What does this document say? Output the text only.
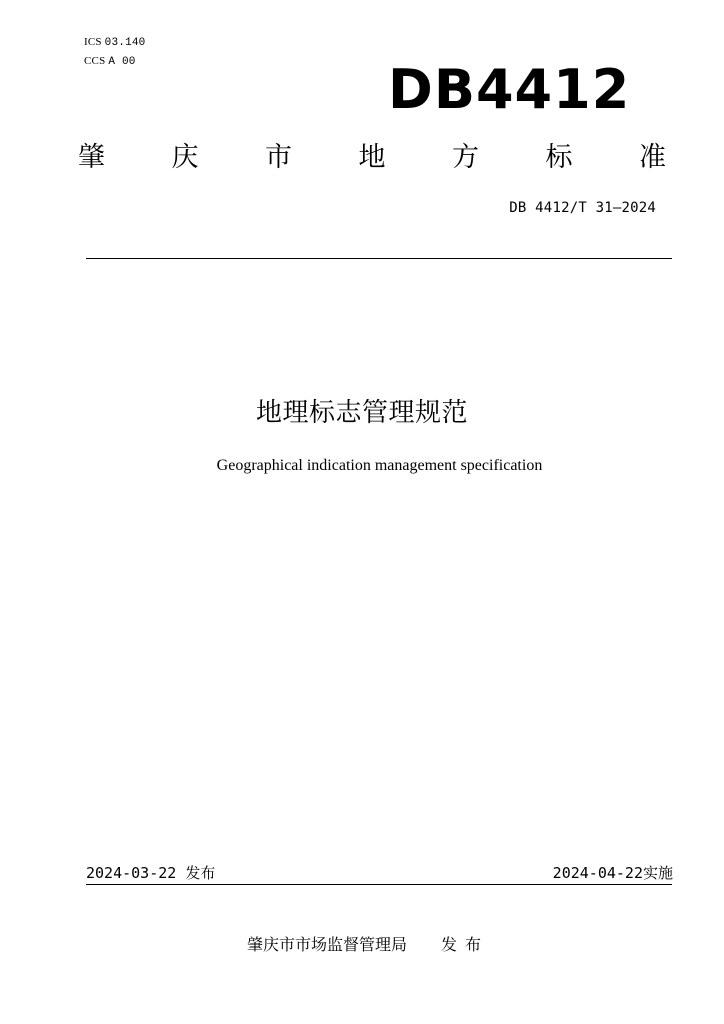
ICS 03.140
CCS A 00	DB4412
肇 庆 市 地 方 标 准
DB 4412/T 31—2024
地理标志管理规范
Geographical indication management specification
2024-03-22 发布	2024-04-22实施
肇庆市市场监督管理局 发 布
